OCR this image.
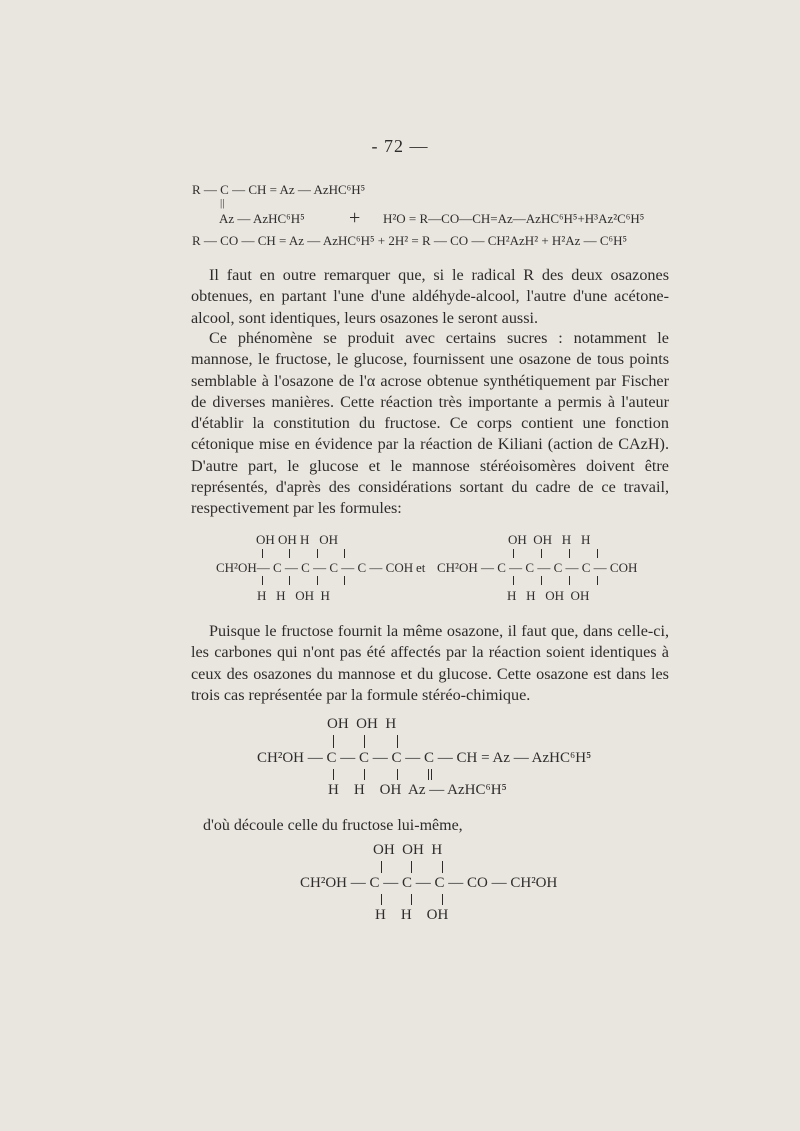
- 72 —
R — C — CH = Az — AzHC⁶H⁵
||
Az — AzHC⁶H⁵ + H²O = R—CO—CH=Az—AzHC⁶H⁵+H³Az²C⁶H⁵
R — CO — CH = Az — AzHC⁶H⁵ + 2H² = R — CO — CH²AzH² + H²Az — C⁶H⁵
Il faut en outre remarquer que, si le radical R des deux osazones obtenues, en partant l'une d'une aldéhyde-alcool, l'autre d'une acétone-alcool, sont identiques, leurs osazones le seront aussi.
Ce phénomène se produit avec certains sucres : notamment le mannose, le fructose, le glucose, fournissent une osazone de tous points semblable à l'osazone de l'α acrose obtenue synthétiquement par Fischer de diverses manières. Cette réaction très importante a permis à l'auteur d'établir la constitution du fructose. Ce corps contient une fonction cétonique mise en évidence par la réaction de Kiliani (action de CAzH). D'autre part, le glucose et le mannose stéréoisomères doivent être représentés, d'après des considérations sortant du cadre de ce travail, respectivement par les formules:
OH OH H   OH
CH²OH— C — C — C — C — COH
H   H   OH  H
et
OH  OH   H   H
CH²OH — C — C — C — C — COH
H   H   OH  OH
Puisque le fructose fournit la même osazone, il faut que, dans celle-ci, les carbones qui n'ont pas été affectés par la réaction soient identiques à ceux des osazones du mannose et du glucose. Cette osazone est dans les trois cas représentée par la formule stéréo-chimique.
OH  OH  H
CH²OH — C — C — C — C — CH = Az — AzHC⁶H⁵
H    H    OH  Az — AzHC⁶H⁵
d'où découle celle du fructose lui-même,
OH  OH  H
CH²OH — C — C — C — CO — CH²OH
H    H    OH
